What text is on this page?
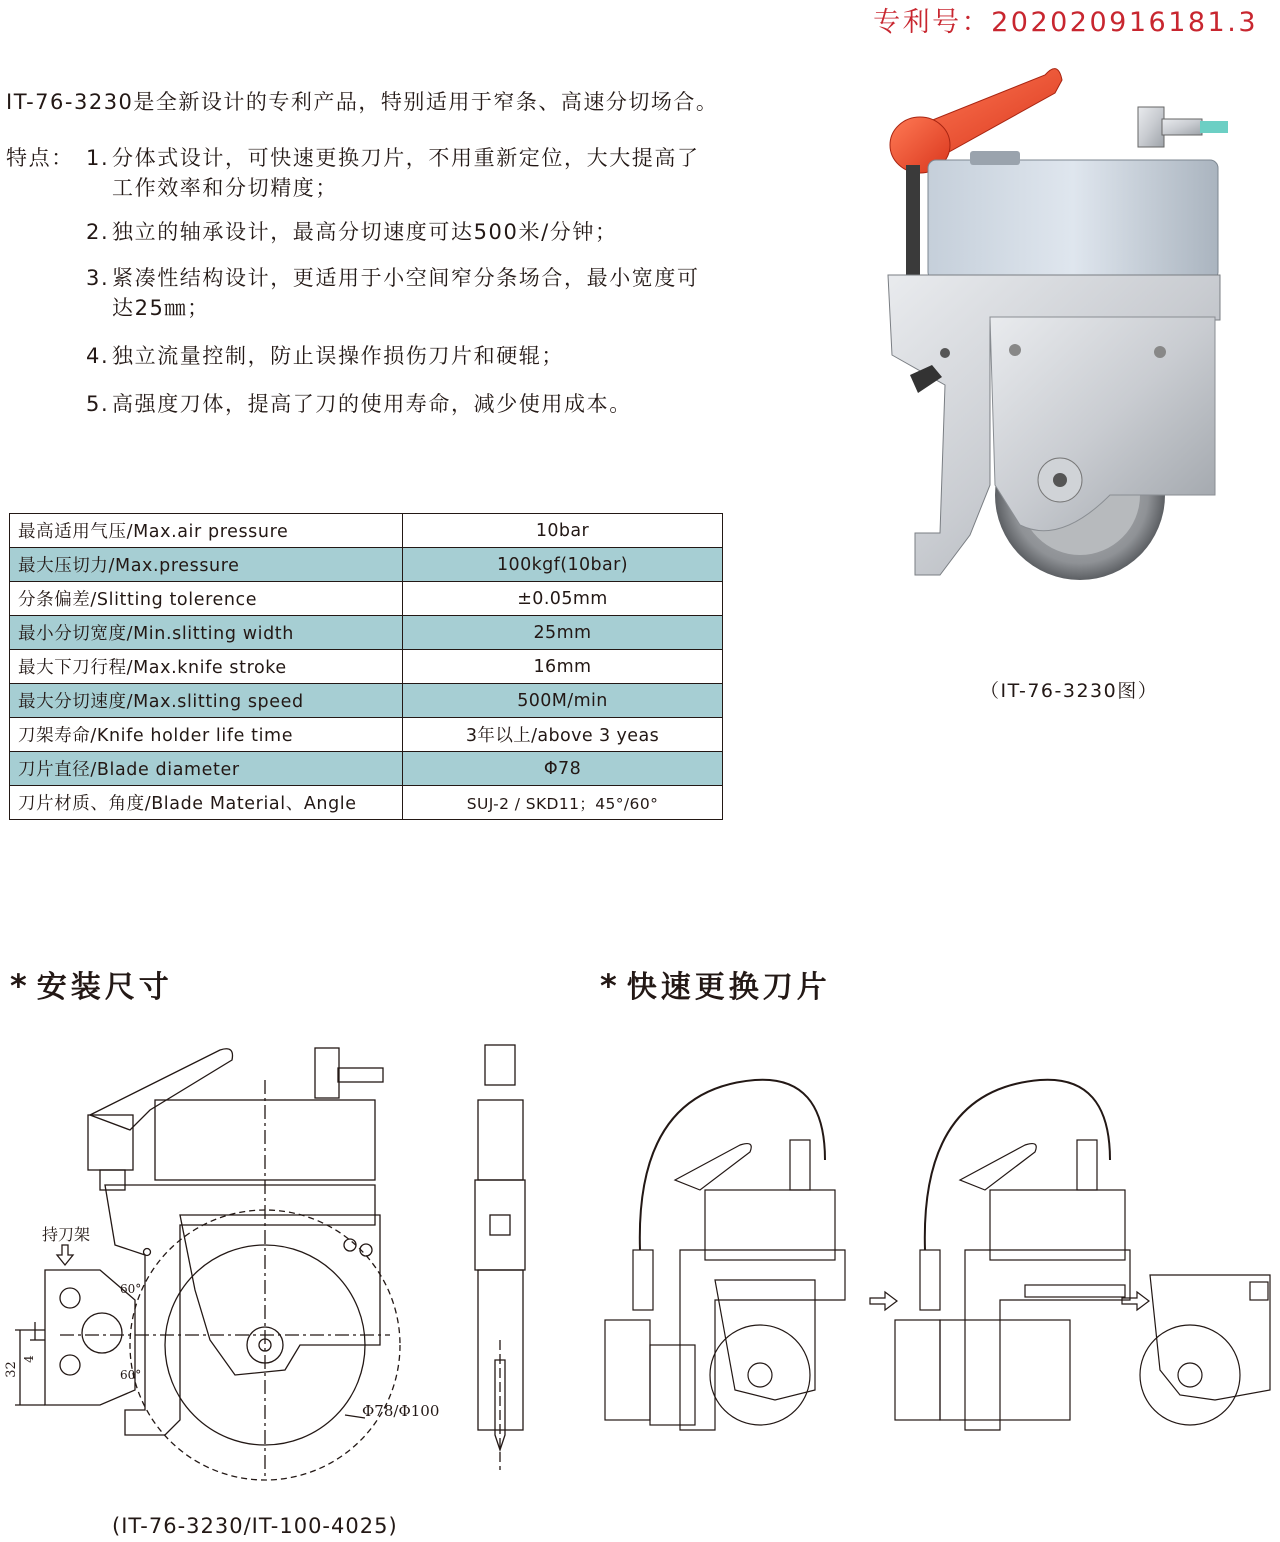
专利号：202020916181.3
IT-76-3230是全新设计的专利产品，特别适用于窄条、高速分切场合。
特点： 1. 分体式设计，可快速更换刀片，不用重新定位，大大提高了工作效率和分切精度；
2. 独立的轴承设计，最高分切速度可达500米/分钟；
3. 紧凑性结构设计，更适用于小空间窄分条场合，最小宽度可达25㎜；
4. 独立流量控制，防止误操作损伤刀片和硬辊；
5. 高强度刀体，提高了刀的使用寿命，减少使用成本。
最高适用气压/Max.air pressure	10bar
最大压切力/Max.pressure	100kgf(10bar)
分条偏差/Slitting tolerence	±0.05mm
最小分切宽度/Min.slitting width	25mm
最大下刀行程/Max.knife stroke	16mm
最大分切速度/Max.slitting speed	500M/min
刀架寿命/Knife holder life time	3年以上/above 3 yeas
刀片直径/Blade diameter	Φ78
刀片材质、角度/Blade Material、Angle	SUJ-2 / SKD11；45°/60°
（IT-76-3230图）
* 安装尺寸	* 快速更换刀片
持刀架
60°
60°
32
4
Φ78/Φ100
(IT-76-3230/IT-100-4025)
